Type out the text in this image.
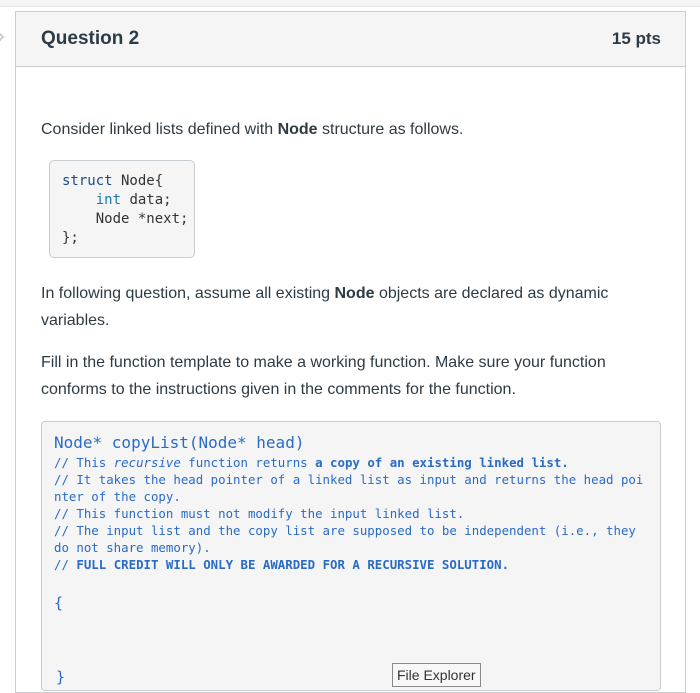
Question 2	15 pts

Consider linked lists defined with Node structure as follows.

struct Node{
int data;
Node *next;
};

In following question, assume all existing Node objects are declared as dynamic variables.

Fill in the function template to make a working function. Make sure your function conforms to the instructions given in the comments for the function.

Node* copyList(Node* head)
// This recursive function returns a copy of an existing linked list.
// It takes the head pointer of a linked list as input and returns the head pointer of the copy.
// This function must not modify the input linked list.
// The input list and the copy list are supposed to be independent (i.e., they do not share memory).
// FULL CREDIT WILL ONLY BE AWARDED FOR A RECURSIVE SOLUTION.
{
}	File Explorer
